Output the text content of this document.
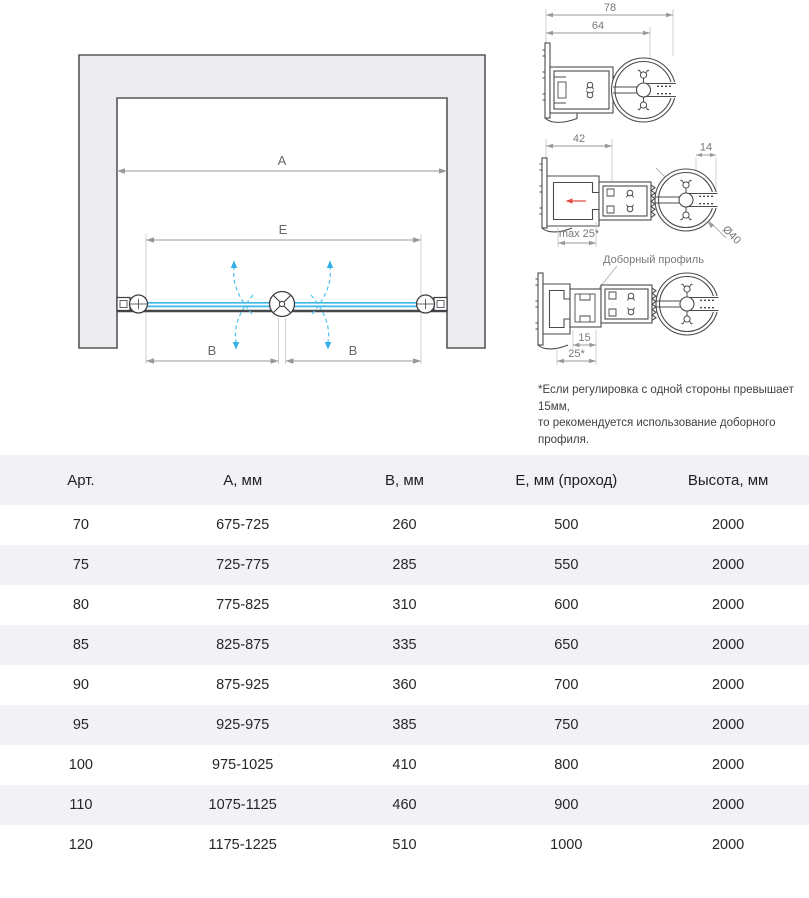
A
E
B	B
78
64
42
14
Ø40
max 25*
Доборный профиль
15
25*
*Если регулировка с одной стороны превышает 15мм,
то рекомендуется использование доборного профиля.
Арт.	А, мм	В, мм	Е, мм (проход)	Высота, мм
70	675-725	260	500	2000
75	725-775	285	550	2000
80	775-825	310	600	2000
85	825-875	335	650	2000
90	875-925	360	700	2000
95	925-975	385	750	2000
100	975-1025	410	800	2000
110	1075-1125	460	900	2000
120	1175-1225	510	1000	2000
